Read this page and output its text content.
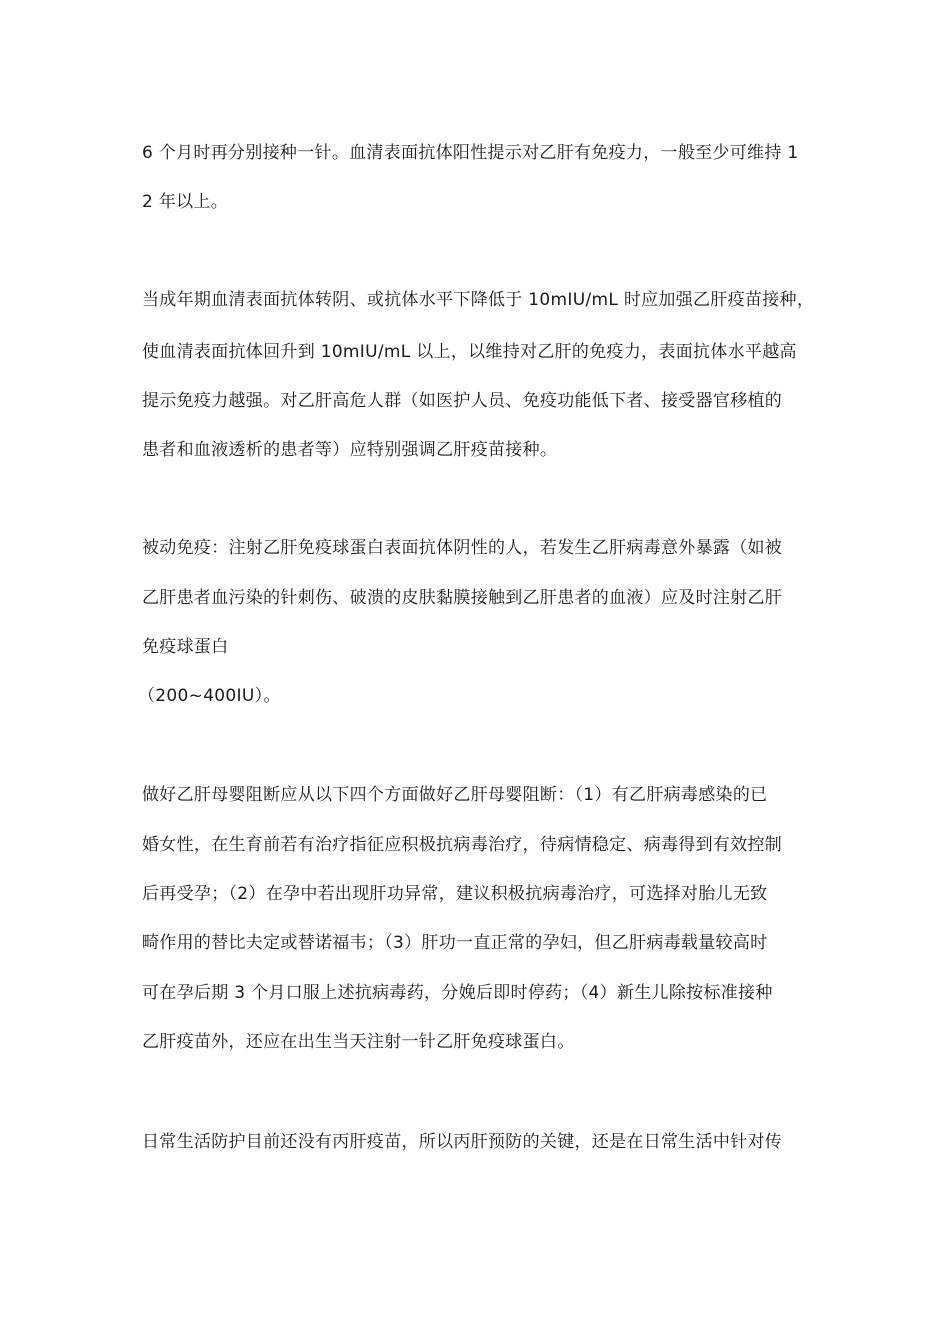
6 个月时再分别接种一针。血清表面抗体阳性提示对乙肝有免疫力，一般至少可维持 1
2 年以上。
当成年期血清表面抗体转阴、或抗体水平下降低于 10mIU/mL 时应加强乙肝疫苗接种，
使血清表面抗体回升到 10mIU/mL 以上，以维持对乙肝的免疫力，表面抗体水平越高
提示免疫力越强。对乙肝高危人群（如医护人员、免疫功能低下者、接受器官移植的
患者和血液透析的患者等）应特别强调乙肝疫苗接种。
被动免疫：注射乙肝免疫球蛋白表面抗体阴性的人，若发生乙肝病毒意外暴露（如被
乙肝患者血污染的针刺伤、破溃的皮肤黏膜接触到乙肝患者的血液）应及时注射乙肝
免疫球蛋白
（200~400IU）。
做好乙肝母婴阻断应从以下四个方面做好乙肝母婴阻断：（1）有乙肝病毒感染的已
婚女性，在生育前若有治疗指征应积极抗病毒治疗，待病情稳定、病毒得到有效控制
后再受孕；（2）在孕中若出现肝功异常，建议积极抗病毒治疗，可选择对胎儿无致
畸作用的替比夫定或替诺福韦；（3）肝功一直正常的孕妇，但乙肝病毒载量较高时
可在孕后期 3 个月口服上述抗病毒药，分娩后即时停药；（4）新生儿除按标准接种
乙肝疫苗外，还应在出生当天注射一针乙肝免疫球蛋白。
日常生活防护目前还没有丙肝疫苗，所以丙肝预防的关键，还是在日常生活中针对传
